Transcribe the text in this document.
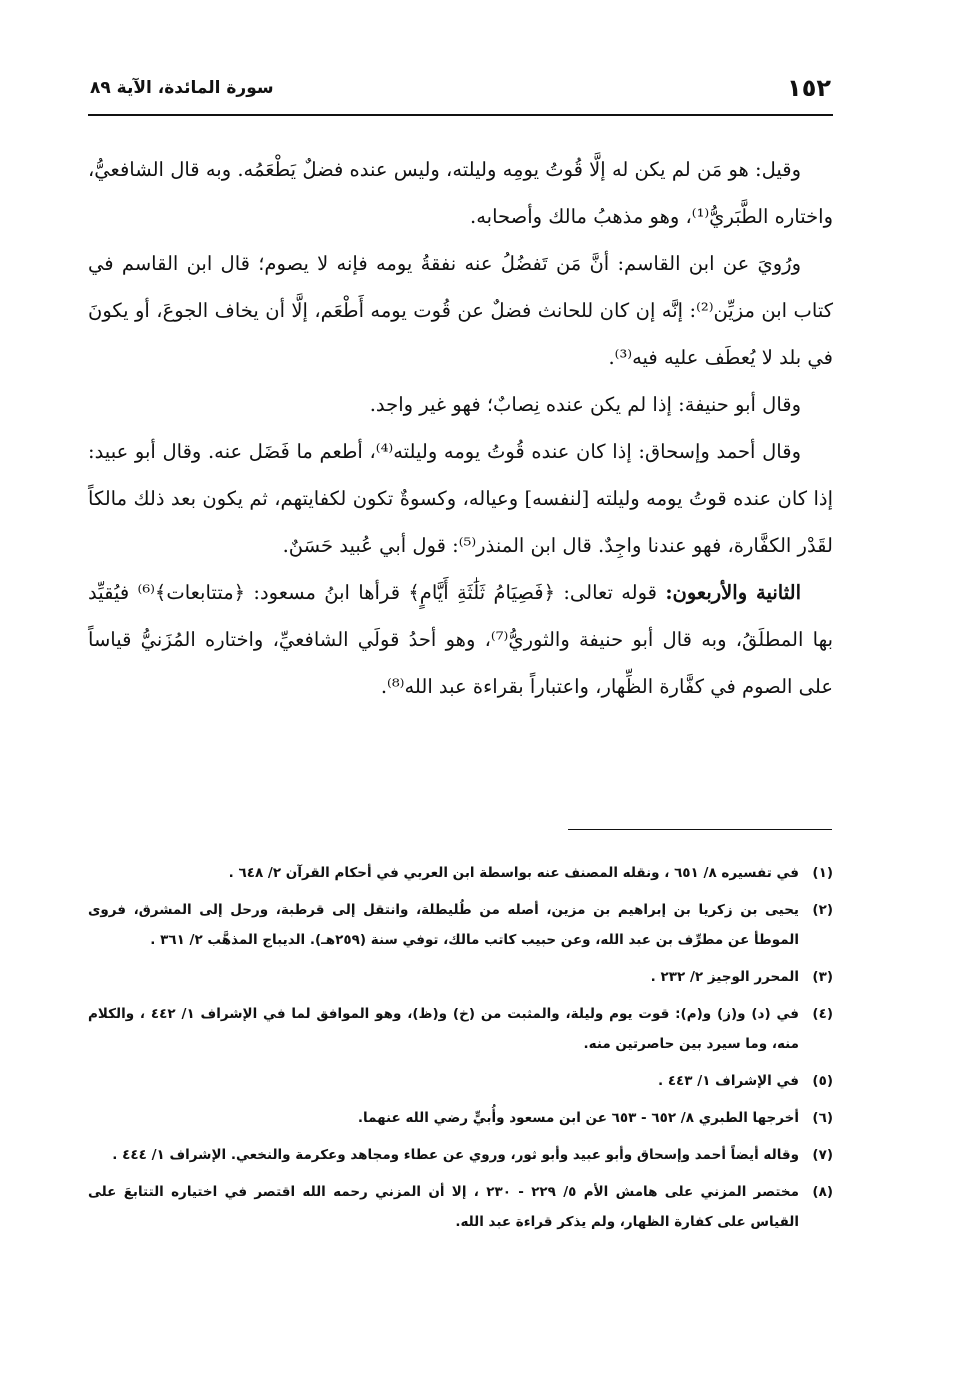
١٥٢
سورة المائدة، الآية ٨٩

وقيل: هو مَن لم يكن له إلَّا قُوتُ يومِه وليلته، وليس عنده فضلٌ يَطْعَمُه. وبه قال الشافعيُّ، واختاره الطَّبَريُّ⁽¹⁾، وهو مذهبُ مالك وأصحابه.

ورُويَ عن ابن القاسم: أنَّ مَن تَفضُلُ عنه نفقةُ يومه فإنه لا يصوم؛ قال ابن القاسم في كتاب ابن مزيِّن⁽²⁾: إنَّه إن كان للحانث فضلٌ عن قُوت يومه أَطْعَم، إلَّا أن يخاف الجوعَ، أو يكونَ في بلد لا يُعطَف عليه فيه⁽³⁾.

وقال أبو حنيفة: إذا لم يكن عنده نِصابٌ؛ فهو غير واجد.

وقال أحمد وإسحاق: إذا كان عنده قُوتُ يومه وليلته⁽⁴⁾، أطعم ما فَضَل عنه. وقال أبو عبيد: إذا كان عنده قوتُ يومه وليلته [لنفسه] وعياله، وكسوةٌ تكون لكفايتهم، ثم يكون بعد ذلك مالكاً لقَدْر الكفَّارة، فهو عندنا واجِدٌ. قال ابن المنذر⁽⁵⁾: قول أبي عُبيد حَسَنٌ.

الثانية والأربعون: قوله تعالى: ﴿فَصِيَامُ ثَلَٰثَةِ أَيَّامٍ﴾ قرأها ابنُ مسعود: ﴿متتابعات﴾⁽⁶⁾ فيُقيِّد بها المطلَقُ، وبه قال أبو حنيفة والثوريُّ⁽⁷⁾، وهو أحدُ قولَي الشافعيِّ، واختاره المُزَنيُّ قياساً على الصوم في كفَّارة الظِّهار، واعتباراً بقراءة عبد الله⁽⁸⁾.

(١)في تفسيره ٨/ ٦٥١ ، ونقله المصنف عنه بواسطة ابن العربي في أحكام القرآن ٢/ ٦٤٨ .

(٢)يحيى بن زكريا بن إبراهيم بن مزين، أصله من طُليطلة، وانتقل إلى قرطبة، ورحل إلى المشرق، فروى الموطأ عن مطرِّف بن عبد الله، وعن حبيب كاتب مالك، توفي سنة (٢٥٩هـ). الديباج المذهَّب ٢/ ٣٦١ .

(٣)المحرر الوجيز ٢/ ٢٣٢ .

(٤)في (د) و(ز) و(م): قوت يوم وليلة، والمثبت من (خ) و(ظ)، وهو الموافق لما في الإشراف ١/ ٤٤٢ ، والكلام منه، وما سيرد بين حاصرتين منه.

(٥)في الإشراف ١/ ٤٤٣ .

(٦)أخرجها الطبري ٨/ ٦٥٢ - ٦٥٣ عن ابن مسعود وأُبيٍّ رضي الله عنهما.

(٧)وقاله أيضاً أحمد وإسحاق وأبو عبيد وأبو ثور، وروي عن عطاء ومجاهد وعكرمة والنخعي. الإشراف ١/ ٤٤٤ .

(٨)مختصر المزني على هامش الأم ٥/ ٢٢٩ - ٢٣٠ ، إلا أن المزني رحمه الله اقتصر في اختياره التتابعَ على القياس على كفارة الظهار، ولم يذكر قراءة عبد الله.
